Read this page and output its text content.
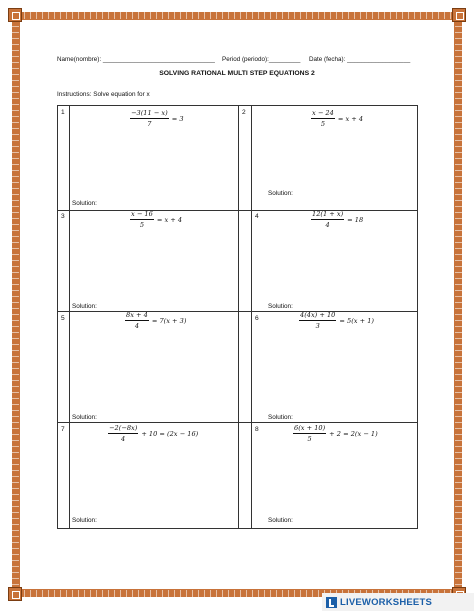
Name(nombre): ________________________________ Period (periodo):_________ Date (fecha): __________________
SOLVING RATIONAL MULTI STEP EQUATIONS 2
Instructions: Solve equation for x
1	$\frac{-3(11 - x)}{7} = 3$
Solution:
2	$\frac{x - 24}{5} = x + 4$
Solution:
3	$\frac{x - 16}{5} = x + 4$
Solution:
4	$\frac{12(1 + x)}{4} = 18$
Solution:
5	$\frac{8x + 4}{4} = 7(x + 3)$
Solution:
6	$\frac{4(4x) + 10}{3} = 5(x + 1)$
Solution:
7	$\frac{-2(-8x)}{4} + 10 = (2x - 16)$
Solution:
8	$\frac{6(x + 10)}{5} + 2 = 2(x - 1)$
Solution:
LIVEWORKSHEETS
